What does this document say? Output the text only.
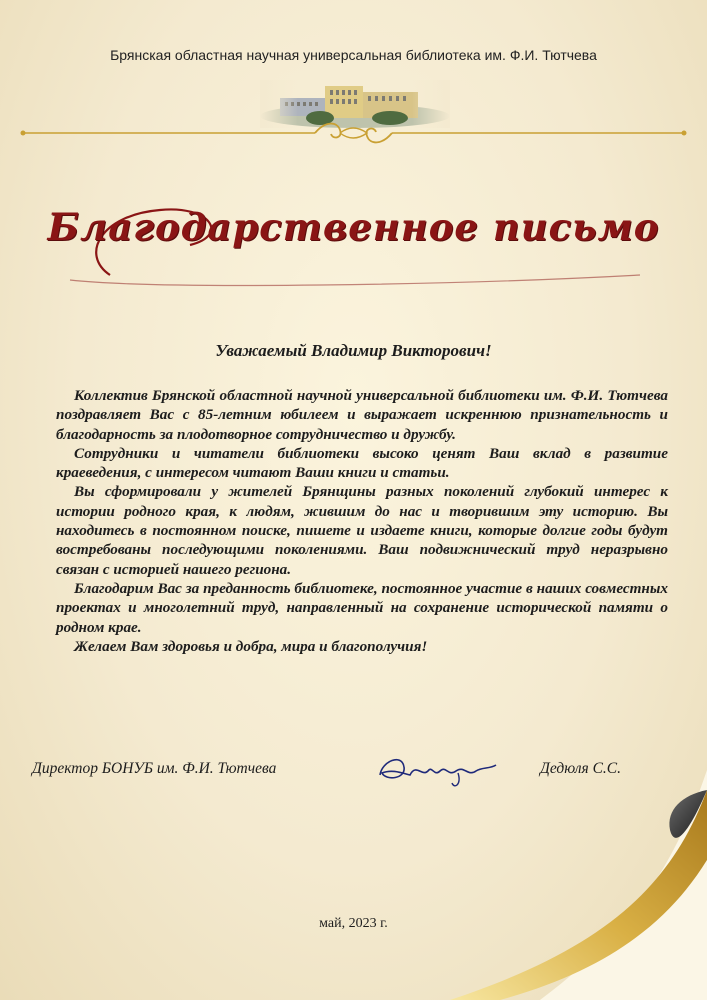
Брянская областная научная универсальная библиотека им. Ф.И. Тютчева
Благодарственное письмо
Уважаемый Владимир Викторович!

Коллектив Брянской областной научной универсальной библиотеки им. Ф.И. Тютчева поздравляет Вас с 85-летним юбилеем и выражает искреннюю признательность и благодарность за плодотворное сотрудничество и дружбу.

Сотрудники и читатели библиотеки высоко ценят Ваш вклад в развитие краеведения, с интересом читают Ваши книги и статьи.

Вы сформировали у жителей Брянщины разных поколений глубокий интерес к истории родного края, к людям, жившим до нас и творившим эту историю. Вы находитесь в постоянном поиске, пишете и издаете книги, которые долгие годы будут востребованы последующими поколениями. Ваш подвижнический труд неразрывно связан с историей нашего региона.

Благодарим Вас за преданность библиотеке, постоянное участие в наших совместных проектах и многолетний труд, направленный на сохранение исторической памяти о родном крае.

Желаем Вам здоровья и добра, мира и благополучия!

Директор БОНУБ им. Ф.И. Тютчева	Дедюля С.С.
май, 2023 г.
